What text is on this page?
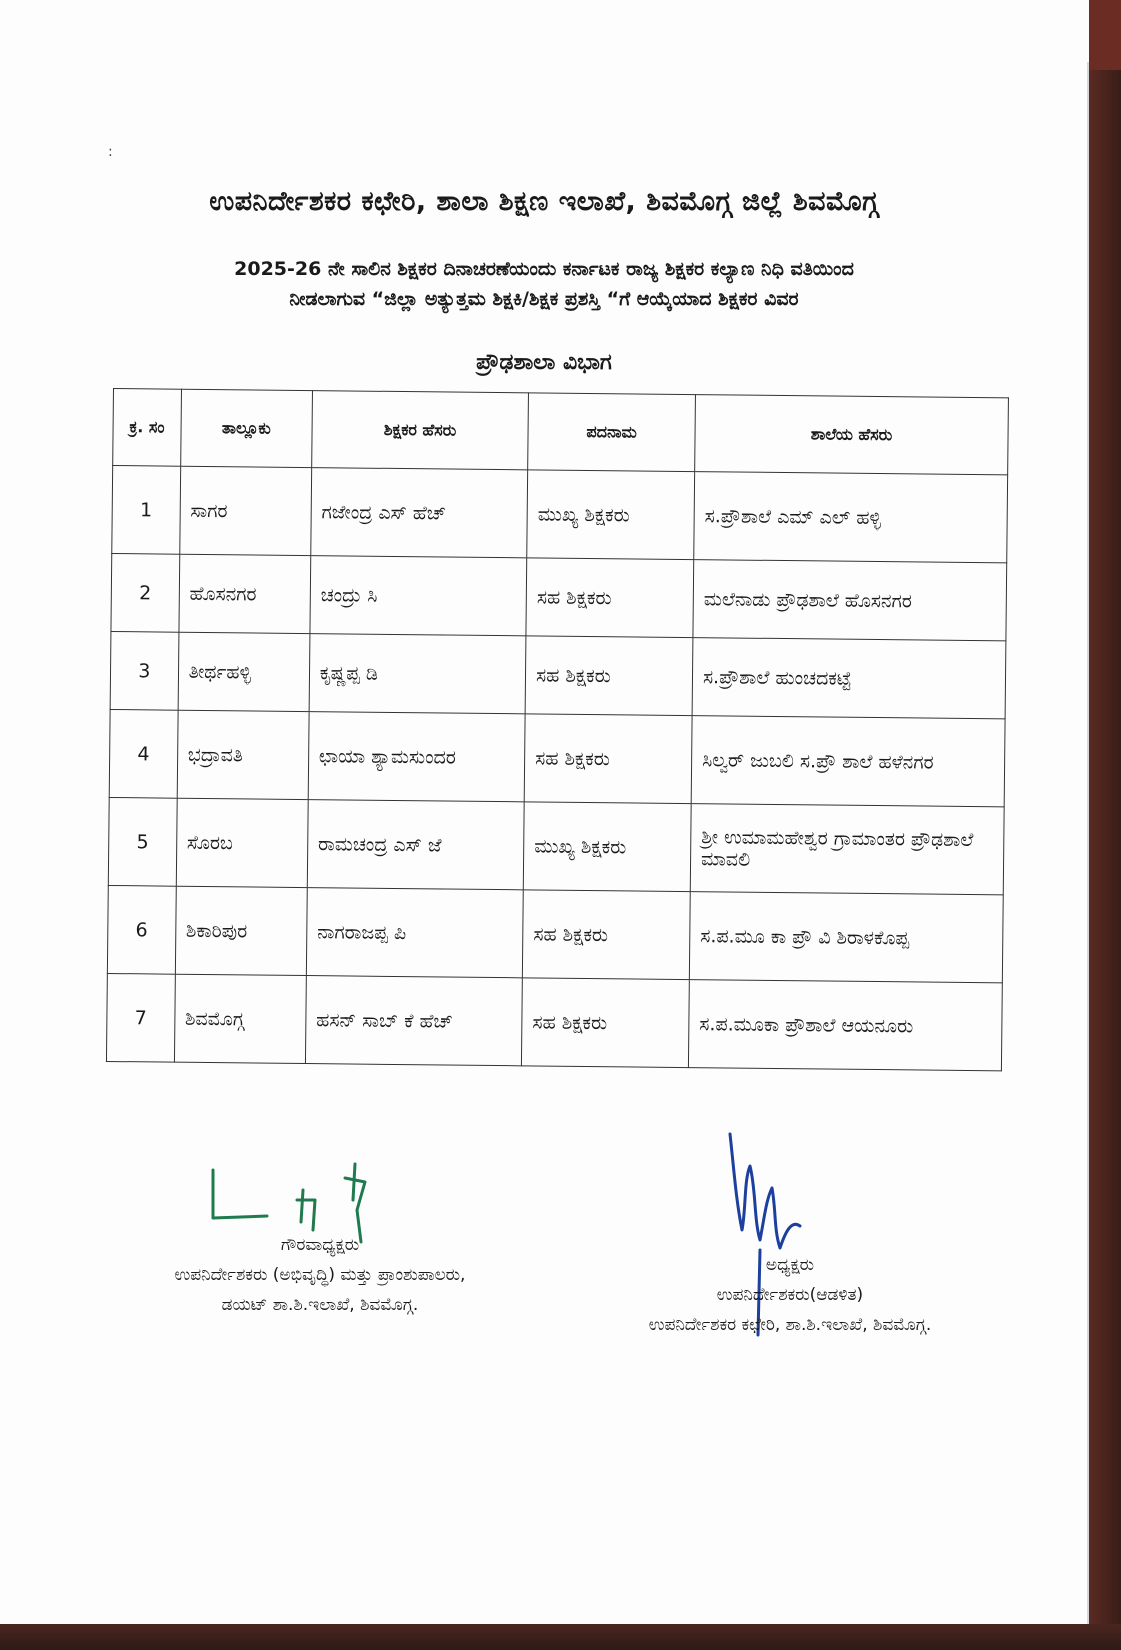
:
ಉಪನಿರ್ದೇಶಕರ ಕಛೇರಿ, ಶಾಲಾ ಶಿಕ್ಷಣ ಇಲಾಖೆ, ಶಿವಮೊಗ್ಗ ಜಿಲ್ಲೆ ಶಿವಮೊಗ್ಗ
2025-26 ನೇ ಸಾಲಿನ ಶಿಕ್ಷಕರ ದಿನಾಚರಣೆಯಂದು ಕರ್ನಾಟಕ ರಾಜ್ಯ ಶಿಕ್ಷಕರ ಕಲ್ಯಾಣ ನಿಧಿ ವತಿಯಿಂದ
ನೀಡಲಾಗುವ “ಜಿಲ್ಲಾ ಅತ್ಯುತ್ತಮ ಶಿಕ್ಷಕಿ/ಶಿಕ್ಷಕ ಪ್ರಶಸ್ತಿ “ಗೆ ಆಯ್ಕೆಯಾದ ಶಿಕ್ಷಕರ ವಿವರ
ಪ್ರೌಢಶಾಲಾ ವಿಭಾಗ
ಕ್ರ. ಸಂ	ತಾಲ್ಲೂಕು	ಶಿಕ್ಷಕರ ಹೆಸರು	ಪದನಾಮ	ಶಾಲೆಯ ಹೆಸರು
1	ಸಾಗರ	ಗಜೇಂದ್ರ ಎಸ್ ಹೆಚ್	ಮುಖ್ಯ ಶಿಕ್ಷಕರು	ಸ.ಪ್ರೌಶಾಲೆ ಎಮ್ ಎಲ್ ಹಳ್ಳಿ
2	ಹೊಸನಗರ	ಚಂದ್ರು ಸಿ	ಸಹ ಶಿಕ್ಷಕರು	ಮಲೆನಾಡು ಪ್ರೌಢಶಾಲೆ ಹೊಸನಗರ
3	ತೀರ್ಥಹಳ್ಳಿ	ಕೃಷ್ಣಪ್ಪ ಡಿ	ಸಹ ಶಿಕ್ಷಕರು	ಸ.ಪ್ರೌಶಾಲೆ ಹುಂಚದಕಟ್ಟೆ
4	ಭದ್ರಾವತಿ	ಛಾಯಾ ಶ್ಯಾಮಸುಂದರ	ಸಹ ಶಿಕ್ಷಕರು	ಸಿಲ್ವರ್ ಜುಬಲಿ ಸ.ಪ್ರೌ ಶಾಲೆ ಹಳೆನಗರ
5	ಸೊರಬ	ರಾಮಚಂದ್ರ ಎಸ್ ಜೆ	ಮುಖ್ಯ ಶಿಕ್ಷಕರು	ಶ್ರೀ ಉಮಾಮಹೇಶ್ವರ ಗ್ರಾಮಾಂತರ ಪ್ರೌಢಶಾಲೆ ಮಾವಲಿ
6	ಶಿಕಾರಿಪುರ	ನಾಗರಾಜಪ್ಪ ಪಿ	ಸಹ ಶಿಕ್ಷಕರು	ಸ.ಪ.ಮೂ ಕಾ ಪ್ರೌ ವಿ ಶಿರಾಳಕೊಪ್ಪ
7	ಶಿವಮೊಗ್ಗ	ಹಸನ್ ಸಾಬ್ ಕೆ ಹೆಚ್	ಸಹ ಶಿಕ್ಷಕರು	ಸ.ಪ.ಮೂಕಾ ಪ್ರೌಶಾಲೆ ಆಯನೂರು
ಗೌರವಾಧ್ಯಕ್ಷರು
ಉಪನಿರ್ದೇಶಕರು (ಅಭಿವೃದ್ಧಿ) ಮತ್ತು ಪ್ರಾಂಶುಪಾಲರು,
ಡಯಟ್ ಶಾ.ಶಿ.ಇಲಾಖೆ, ಶಿವಮೊಗ್ಗ.
ಅಧ್ಯಕ್ಷರು
ಉಪನಿರ್ದೇಶಕರು(ಆಡಳಿತ)
ಉಪನಿರ್ದೇಶಕರ ಕಛೇರಿ, ಶಾ.ಶಿ.ಇಲಾಖೆ, ಶಿವಮೊಗ್ಗ.
